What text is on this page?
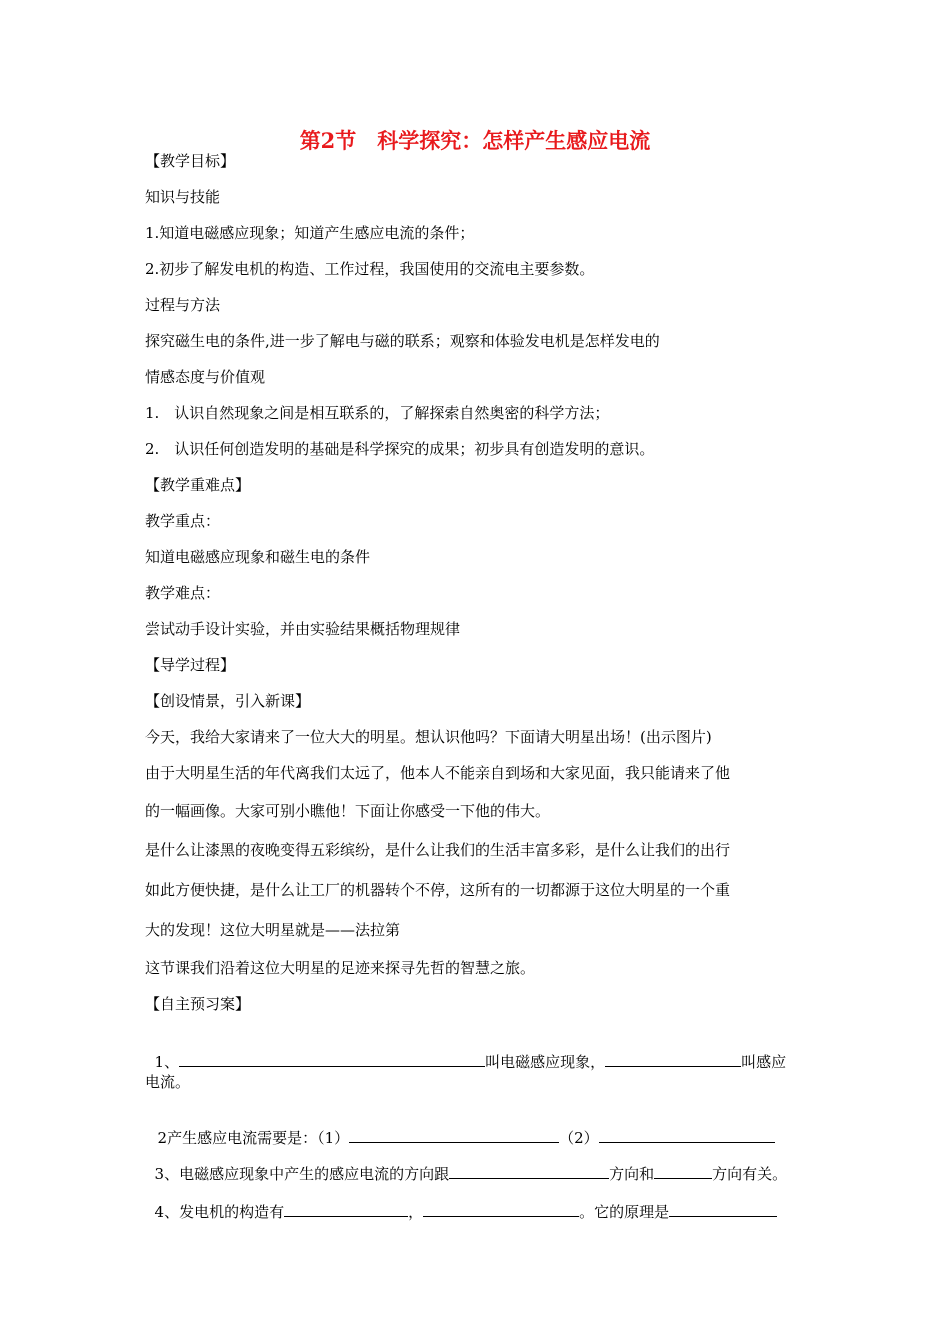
第2节　科学探究：怎样产生感应电流
【教学目标】
知识与技能
1.知道电磁感应现象；知道产生感应电流的条件；
2.初步了解发电机的构造、工作过程，我国使用的交流电主要参数。
过程与方法
探究磁生电的条件,进一步了解电与磁的联系；观察和体验发电机是怎样发电的
情感态度与价值观
1.　认识自然现象之间是相互联系的，了解探索自然奥密的科学方法；
2.　认识任何创造发明的基础是科学探究的成果；初步具有创造发明的意识。
【教学重难点】
教学重点：
知道电磁感应现象和磁生电的条件
教学难点：
尝试动手设计实验，并由实验结果概括物理规律
【导学过程】
【创设情景，引入新课】
今天，我给大家请来了一位大大的明星。想认识他吗？下面请大明星出场！(出示图片)
由于大明星生活的年代离我们太远了，他本人不能亲自到场和大家见面，我只能请来了他
的一幅画像。大家可别小瞧他！下面让你感受一下他的伟大。
是什么让漆黑的夜晚变得五彩缤纷，是什么让我们的生活丰富多彩，是什么让我们的出行
如此方便快捷，是什么让工厂的机器转个不停，这所有的一切都源于这位大明星的一个重
大的发现！这位大明星就是——法拉第
这节课我们沿着这位大明星的足迹来探寻先哲的智慧之旅。
【自主预习案】

1、	叫电磁感应现象，	叫感应

电流。

2产生感应电流需要是：（1）	（2）

3、电磁感应现象中产生的感应电流的方向跟	方向和	方向有关。

4、发电机的构造有	，	。它的原理是
